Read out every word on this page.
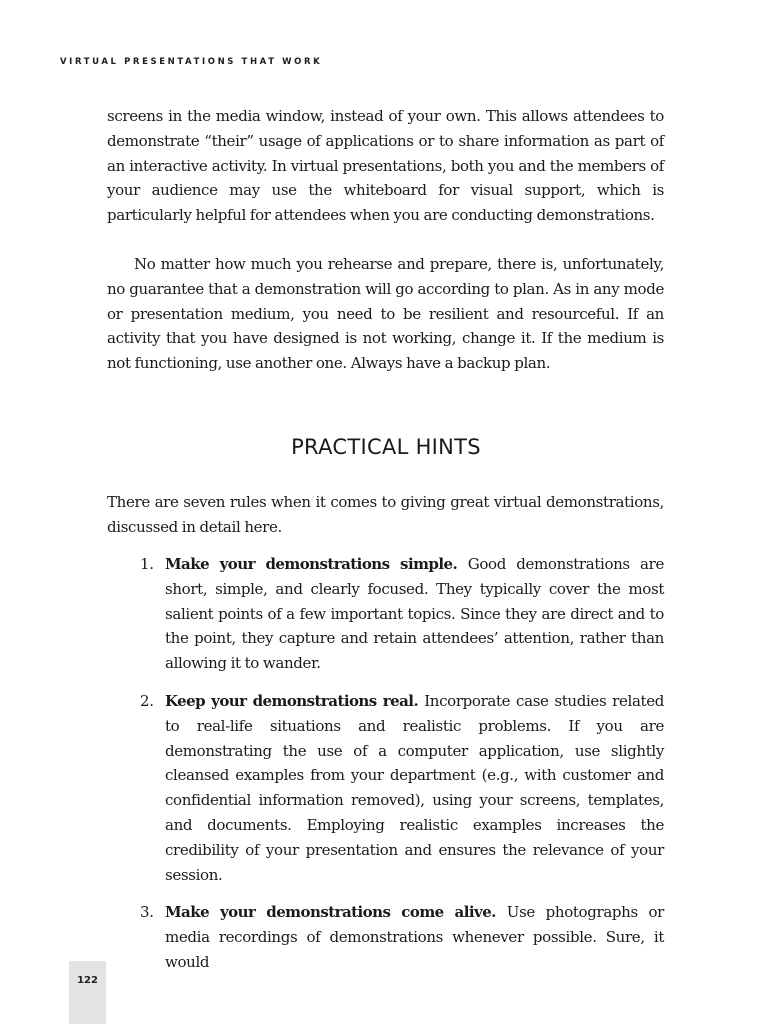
VIRTUAL PRESENTATIONS THAT WORK

screens in the media window, instead of your own. This allows attendees to demonstrate “their” usage of applications or to share information as part of an interactive activity. In virtual presentations, both you and the members of your audience may use the whiteboard for visual support, which is particularly helpful for attendees when you are conducting demonstrations.

No matter how much you rehearse and prepare, there is, unfortunately, no guarantee that a demonstration will go according to plan. As in any mode or presentation medium, you need to be resilient and resourceful. If an activity that you have designed is not working, change it. If the medium is not functioning, use another one. Always have a backup plan.

PRACTICAL HINTS

There are seven rules when it comes to giving great virtual demonstrations, discussed in detail here.

1. Make your demonstrations simple. Good demonstrations are short, simple, and clearly focused. They typically cover the most salient points of a few important topics. Since they are direct and to the point, they capture and retain attendees’ attention, rather than allowing it to wander.
2. Keep your demonstrations real. Incorporate case studies related to real-life situations and realistic problems. If you are demonstrating the use of a computer application, use slightly cleansed examples from your department (e.g., with customer and confidential information removed), using your screens, templates, and documents. Employing realistic examples increases the credibility of your presentation and ensures the relevance of your session.
3. Make your demonstrations come alive. Use photographs or media recordings of demonstrations whenever possible. Sure, it would
122
